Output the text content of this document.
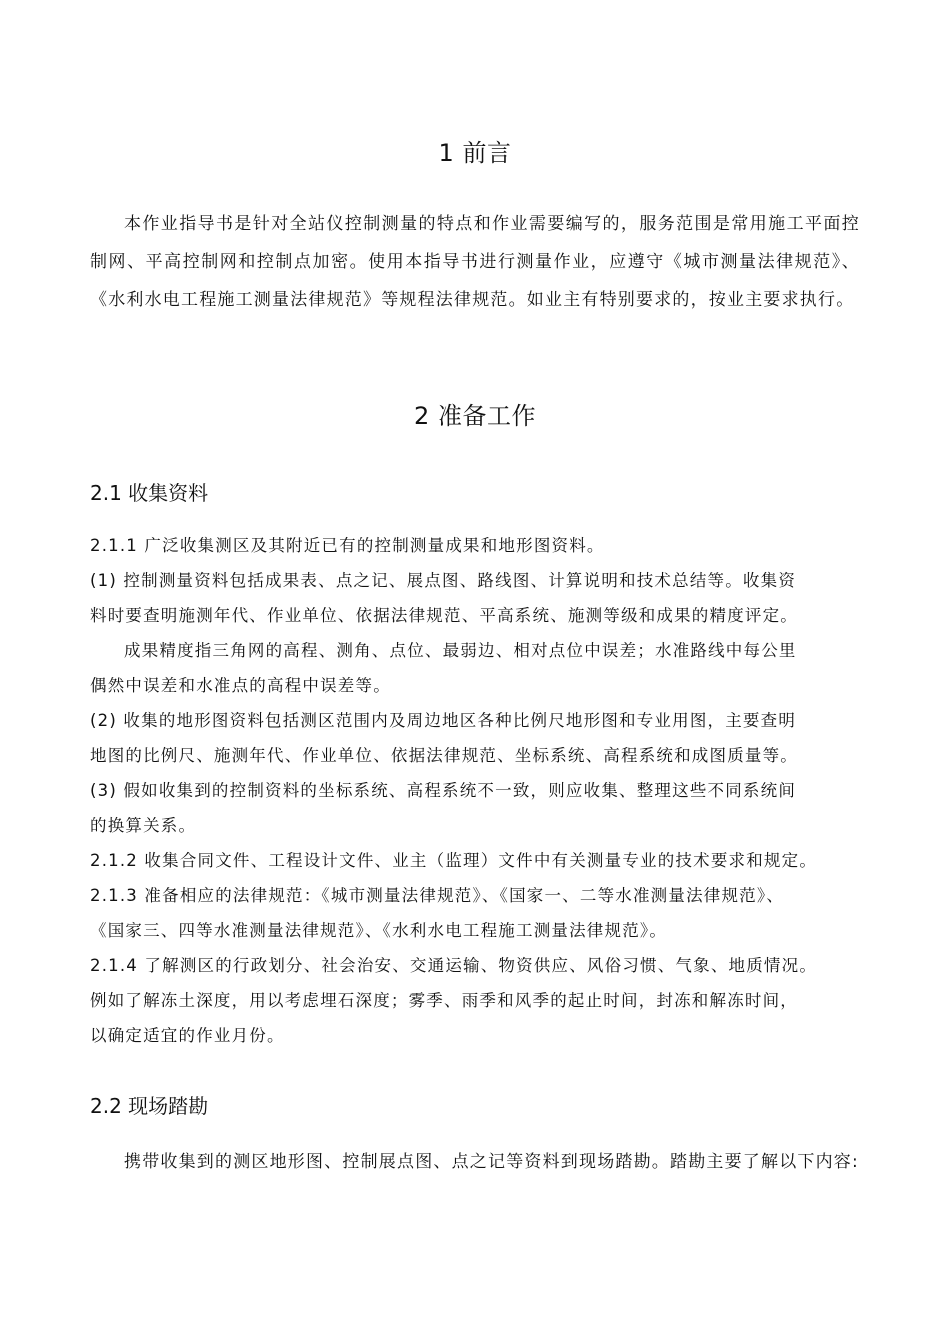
1 前言

本作业指导书是针对全站仪控制测量的特点和作业需要编写的，服务范围是常用施工平面控制网、平高控制网和控制点加密。使用本指导书进行测量作业，应遵守《城市测量法律规范》、《水利水电工程施工测量法律规范》等规程法律规范。如业主有特别要求的，按业主要求执行。

2 准备工作
2.1 收集资料
2.1.1 广泛收集测区及其附近已有的控制测量成果和地形图资料。
(1) 控制测量资料包括成果表、点之记、展点图、路线图、计算说明和技术总结等。收集资
料时要查明施测年代、作业单位、依据法律规范、平高系统、施测等级和成果的精度评定。
成果精度指三角网的高程、测角、点位、最弱边、相对点位中误差；水准路线中每公里
偶然中误差和水准点的高程中误差等。
(2) 收集的地形图资料包括测区范围内及周边地区各种比例尺地形图和专业用图，主要查明
地图的比例尺、施测年代、作业单位、依据法律规范、坐标系统、高程系统和成图质量等。
(3) 假如收集到的控制资料的坐标系统、高程系统不一致，则应收集、整理这些不同系统间
的换算关系。
2.1.2 收集合同文件、工程设计文件、业主（监理）文件中有关测量专业的技术要求和规定。
2.1.3 准备相应的法律规范：《城市测量法律规范》、《国家一、二等水准测量法律规范》、
《国家三、四等水准测量法律规范》、《水利水电工程施工测量法律规范》。
2.1.4 了解测区的行政划分、社会治安、交通运输、物资供应、风俗习惯、气象、地质情况。
例如了解冻土深度，用以考虑埋石深度；雾季、雨季和风季的起止时间，封冻和解冻时间，
以确定适宜的作业月份。
2.2 现场踏勘

携带收集到的测区地形图、控制展点图、点之记等资料到现场踏勘。踏勘主要了解以下内容:
